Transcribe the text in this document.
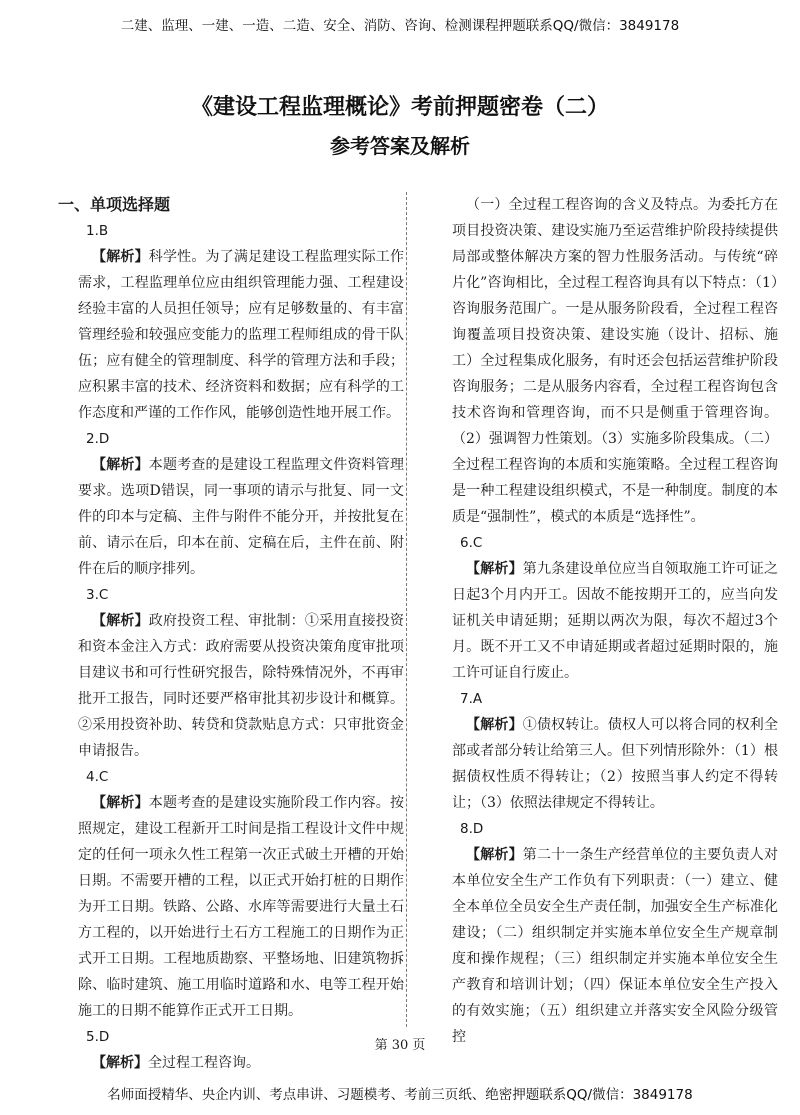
二建、监理、一建、一造、二造、安全、消防、咨询、检测课程押题联系QQ/微信：3849178
《建设工程监理概论》考前押题密卷（二）
参考答案及解析
一、单项选择题
1.B

【解析】科学性。为了满足建设工程监理实际工作需求，工程监理单位应由组织管理能力强、工程建设经验丰富的人员担任领导；应有足够数量的、有丰富管理经验和较强应变能力的监理工程师组成的骨干队伍；应有健全的管理制度、科学的管理方法和手段；应积累丰富的技术、经济资料和数据；应有科学的工作态度和严谨的工作作风，能够创造性地开展工作。

2.D

【解析】本题考查的是建设工程监理文件资料管理要求。选项D错误，同一事项的请示与批复、同一文件的印本与定稿、主件与附件不能分开，并按批复在前、请示在后，印本在前、定稿在后，主件在前、附件在后的顺序排列。

3.C

【解析】政府投资工程、审批制：①采用直接投资和资本金注入方式：政府需要从投资决策角度审批项目建议书和可行性研究报告，除特殊情况外，不再审批开工报告，同时还要严格审批其初步设计和概算。②采用投资补助、转贷和贷款贴息方式：只审批资金申请报告。

4.C

【解析】本题考查的是建设实施阶段工作内容。按照规定，建设工程新开工时间是指工程设计文件中规定的任何一项永久性工程第一次正式破土开槽的开始日期。不需要开槽的工程，以正式开始打桩的日期作为开工日期。铁路、公路、水库等需要进行大量土石方工程的，以开始进行土石方工程施工的日期作为正式开工日期。工程地质勘察、平整场地、旧建筑物拆除、临时建筑、施工用临时道路和水、电等工程开始施工的日期不能算作正式开工日期。

5.D

【解析】全过程工程咨询。

（一）全过程工程咨询的含义及特点。为委托方在项目投资决策、建设实施乃至运营维护阶段持续提供局部或整体解决方案的智力性服务活动。与传统“碎片化”咨询相比，全过程工程咨询具有以下特点：（1）咨询服务范围广。一是从服务阶段看，全过程工程咨询覆盖项目投资决策、建设实施（设计、招标、施工）全过程集成化服务，有时还会包括运营维护阶段咨询服务；二是从服务内容看，全过程工程咨询包含技术咨询和管理咨询，而不只是侧重于管理咨询。（2）强调智力性策划。（3）实施多阶段集成。（二）全过程工程咨询的本质和实施策略。全过程工程咨询是一种工程建设组织模式，不是一种制度。制度的本质是“强制性”，模式的本质是“选择性”。

6.C

【解析】第九条建设单位应当自领取施工许可证之日起3个月内开工。因故不能按期开工的，应当向发证机关申请延期；延期以两次为限，每次不超过3个月。既不开工又不申请延期或者超过延期时限的，施工许可证自行废止。

7.A

【解析】①债权转让。债权人可以将合同的权利全部或者部分转让给第三人。但下列情形除外：（1）根据债权性质不得转让；（2）按照当事人约定不得转让；（3）依照法律规定不得转让。

8.D

【解析】第二十一条生产经营单位的主要负责人对本单位安全生产工作负有下列职责：（一）建立、健全本单位全员安全生产责任制，加强安全生产标准化建设；（二）组织制定并实施本单位安全生产规章制度和操作规程；（三）组织制定并实施本单位安全生产教育和培训计划；（四）保证本单位安全生产投入的有效实施；（五）组织建立并落实安全风险分级管控

第 30 页
名师面授精华、央企内训、考点串讲、习题模考、考前三页纸、绝密押题联系QQ/微信：3849178
